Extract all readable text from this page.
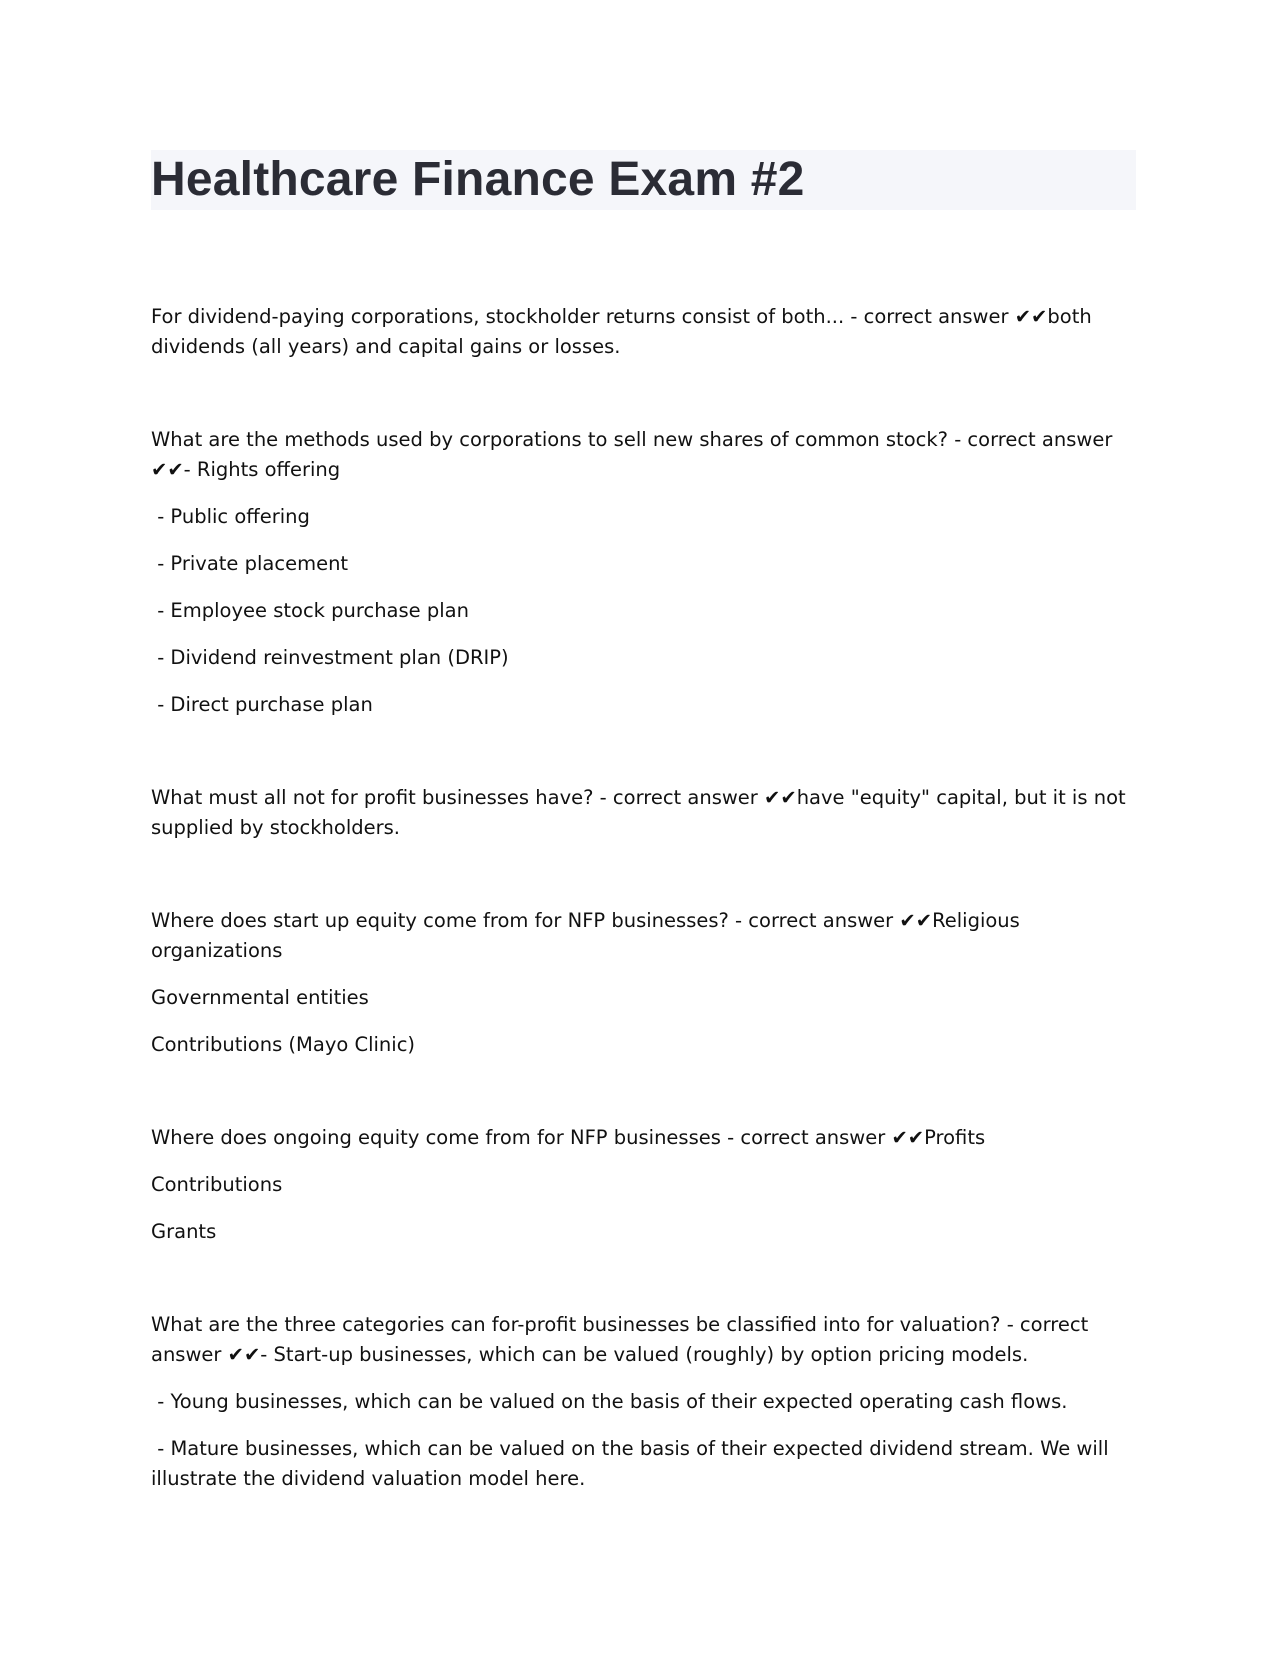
Healthcare Finance Exam #2

For dividend-paying corporations, stockholder returns consist of both... - correct answer ✔✔both dividends (all years) and capital gains or losses.

What are the methods used by corporations to sell new shares of common stock? - correct answer ✔✔- Rights offering

- Public offering

- Private placement

- Employee stock purchase plan

- Dividend reinvestment plan (DRIP)

- Direct purchase plan

What must all not for profit businesses have? - correct answer ✔✔have "equity" capital, but it is not supplied by stockholders.

Where does start up equity come from for NFP businesses? - correct answer ✔✔Religious organizations

Governmental entities

Contributions (Mayo Clinic)

Where does ongoing equity come from for NFP businesses - correct answer ✔✔Profits

Contributions

Grants

What are the three categories can for-profit businesses be classified into for valuation? - correct answer ✔✔- Start-up businesses, which can be valued (roughly) by option pricing models.

- Young businesses, which can be valued on the basis of their expected operating cash flows.

- Mature businesses, which can be valued on the basis of their expected dividend stream. We will illustrate the dividend valuation model here.
